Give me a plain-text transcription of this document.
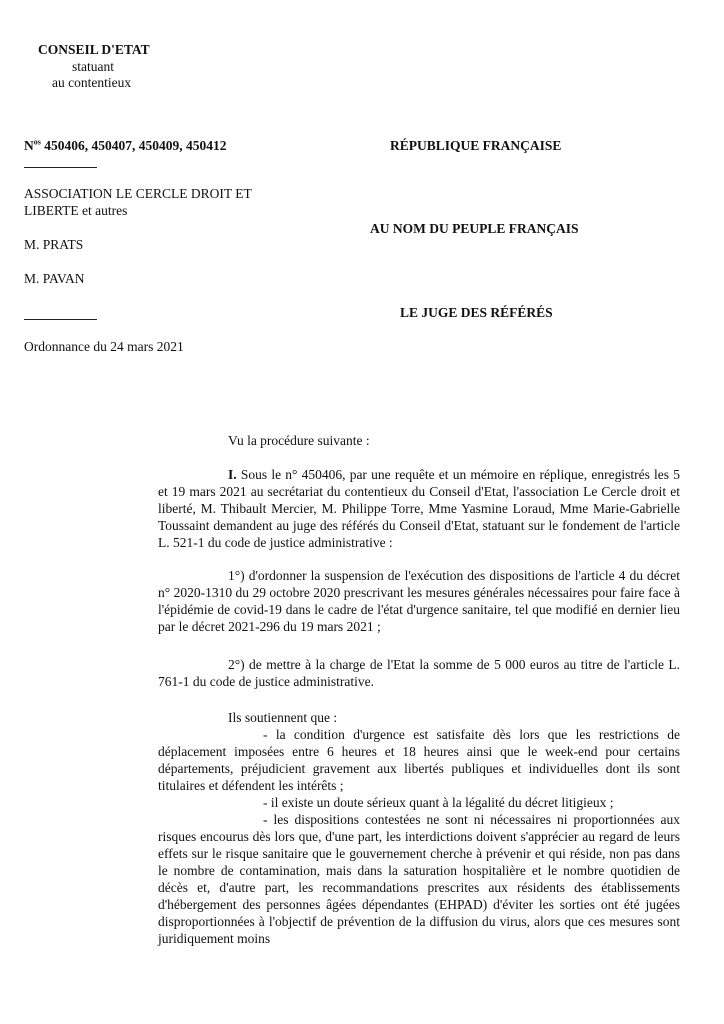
CONSEIL D'ETAT
statuant
au contentieux
$N^{os}$ 450406, 450407, 450409, 450412	RÉPUBLIQUE FRANÇAISE
ASSOCIATION LE CERCLE DROIT ET
LIBERTE et autres
AU NOM DU PEUPLE FRANÇAIS
M. PRATS
M. PAVAN
LE JUGE DES RÉFÉRÉS
Ordonnance du 24 mars 2021
Vu la procédure suivante :
I. Sous le n° 450406, par une requête et un mémoire en réplique, enregistrés les 5 et 19 mars 2021 au secrétariat du contentieux du Conseil d'Etat, l'association Le Cercle droit et liberté, M. Thibault Mercier, M. Philippe Torre, Mme Yasmine Loraud, Mme Marie-Gabrielle Toussaint demandent au juge des référés du Conseil d'Etat, statuant sur le fondement de l'article L. 521-1 du code de justice administrative :

1°) d'ordonner la suspension de l'exécution des dispositions de l'article 4 du décret n° 2020-1310 du 29 octobre 2020 prescrivant les mesures générales nécessaires pour faire face à l'épidémie de covid-19 dans le cadre de l'état d'urgence sanitaire, tel que modifié en dernier lieu par le décret 2021-296 du 19 mars 2021 ;

2°) de mettre à la charge de l'Etat la somme de 5 000 euros au titre de l'article L. 761-1 du code de justice administrative.

Ils soutiennent que :

- la condition d'urgence est satisfaite dès lors que les restrictions de déplacement imposées entre 6 heures et 18 heures ainsi que le week-end pour certains départements, préjudicient gravement aux libertés publiques et individuelles dont ils sont titulaires et défendent les intérêts ;

- il existe un doute sérieux quant à la légalité du décret litigieux ;

- les dispositions contestées ne sont ni nécessaires ni proportionnées aux risques encourus dès lors que, d'une part, les interdictions doivent s'apprécier au regard de leurs effets sur le risque sanitaire que le gouvernement cherche à prévenir et qui réside, non pas dans le nombre de contamination, mais dans la saturation hospitalière et le nombre quotidien de décès et, d'autre part, les recommandations prescrites aux résidents des établissements d'hébergement des personnes âgées dépendantes (EHPAD) d'éviter les sorties ont été jugées disproportionnées à l'objectif de prévention de la diffusion du virus, alors que ces mesures sont juridiquement moins
